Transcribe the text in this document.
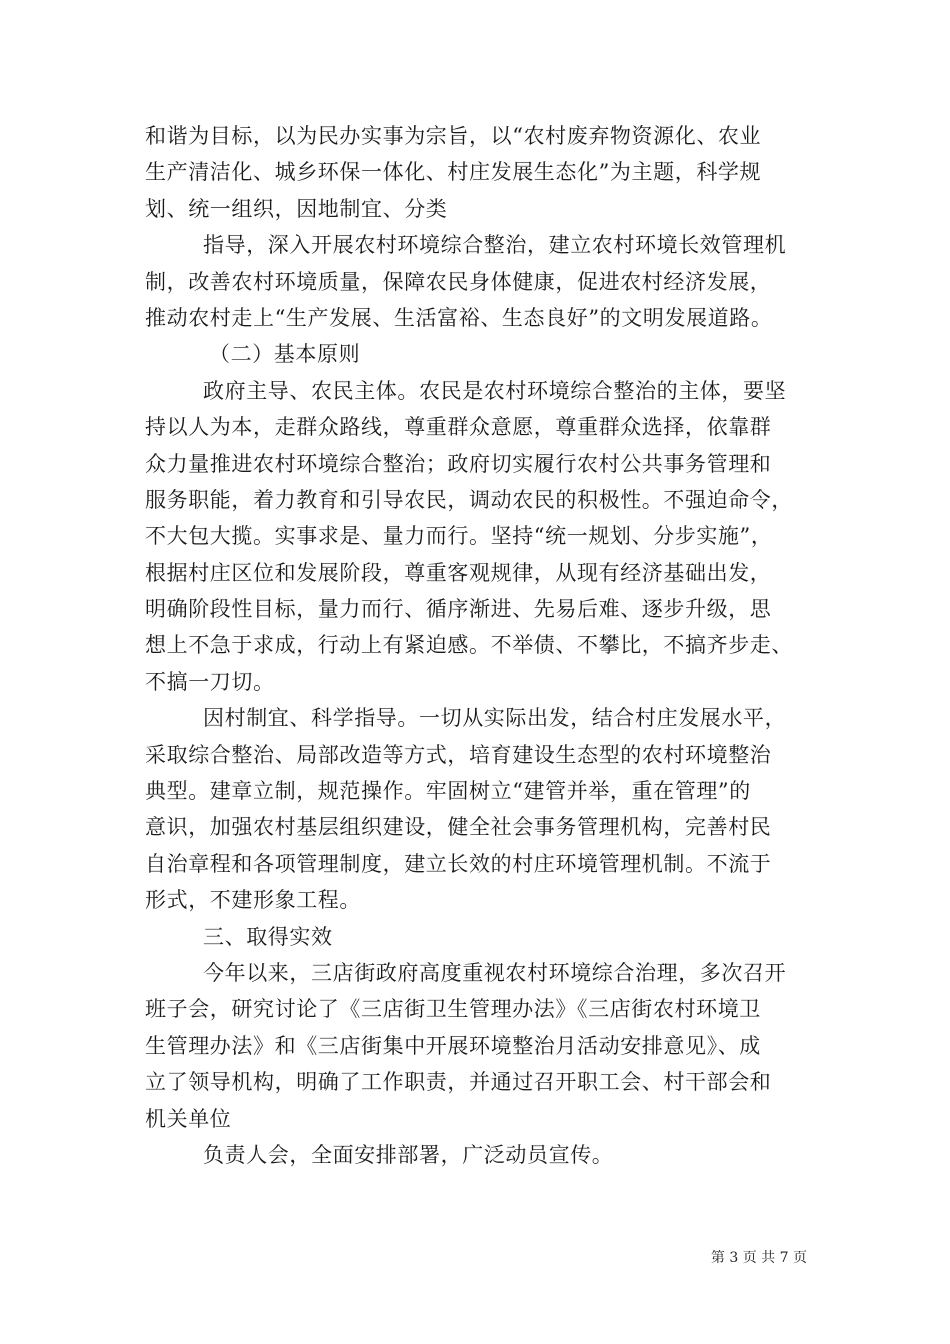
和谐为目标，以为民办实事为宗旨，以“农村废弃物资源化、农业
生产清洁化、城乡环保一体化、村庄发展生态化”为主题，科学规
划、统一组织，因地制宜、分类
指导，深入开展农村环境综合整治，建立农村环境长效管理机
制，改善农村环境质量，保障农民身体健康，促进农村经济发展，
推动农村走上“生产发展、生活富裕、生态良好”的文明发展道路。
（二）基本原则
政府主导、农民主体。农民是农村环境综合整治的主体，要坚
持以人为本，走群众路线，尊重群众意愿，尊重群众选择，依靠群
众力量推进农村环境综合整治；政府切实履行农村公共事务管理和
服务职能，着力教育和引导农民，调动农民的积极性。不强迫命令，
不大包大揽。实事求是、量力而行。坚持“统一规划、分步实施”，
根据村庄区位和发展阶段，尊重客观规律，从现有经济基础出发，
明确阶段性目标，量力而行、循序渐进、先易后难、逐步升级，思
想上不急于求成，行动上有紧迫感。不举债、不攀比，不搞齐步走、
不搞一刀切。
因村制宜、科学指导。一切从实际出发，结合村庄发展水平，
采取综合整治、局部改造等方式，培育建设生态型的农村环境整治
典型。建章立制，规范操作。牢固树立“建管并举，重在管理”的
意识，加强农村基层组织建设，健全社会事务管理机构，完善村民
自治章程和各项管理制度，建立长效的村庄环境管理机制。不流于
形式，不建形象工程。
三、取得实效
今年以来，三店街政府高度重视农村环境综合治理，多次召开
班子会，研究讨论了《三店街卫生管理办法》《三店街农村环境卫
生管理办法》和《三店街集中开展环境整治月活动安排意见》、成
立了领导机构，明确了工作职责，并通过召开职工会、村干部会和
机关单位
负责人会，全面安排部署，广泛动员宣传。
第 3 页 共 7 页
